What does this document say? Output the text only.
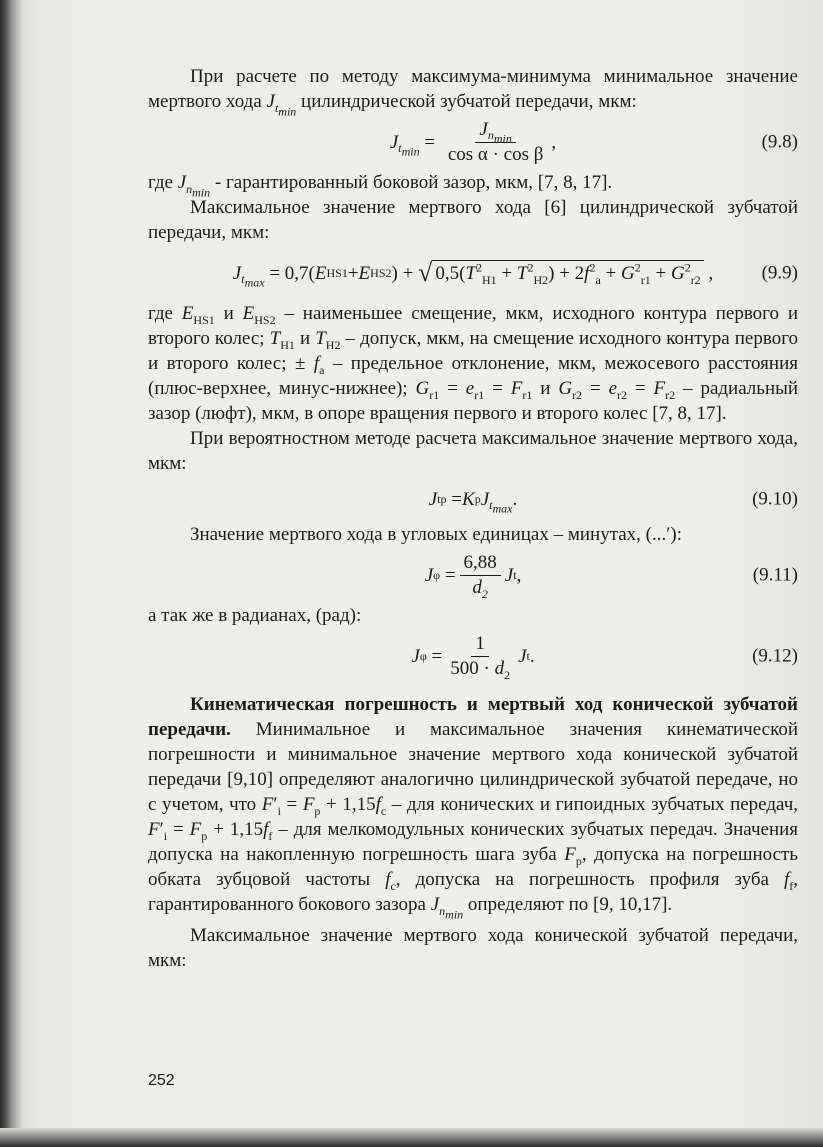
При расчете по методу максимума-минимума минимальное значение мертвого хода $J_{t_{min}}$ цилиндрической зубчатой передачи, мкм:

$J_{t_{min}} = \frac{J_{n_{min}}}{\text{cos α · cos β}}$ ,	(9.8)

где $J_{n_{min}}$ - гарантированный боковой зазор, мкм, [7, 8, 17].

Максимальное значение мертвого хода [6] цилиндрической зубчатой передачи, мкм:

$J_{t_{max}} = 0,7$( E HS1 + E HS2 ) + √ $0,5(T^2_{H1} + T^2_{H2}) + 2f^2_a + G^2_{r1} + G^2_{r2}$ ,	(9.9)

где $E_{HS1}$ и $E_{HS2}$ – наименьшее смещение, мкм, исходного контура первого и второго колес; $T_{H1}$ и $T_{H2}$ – допуск, мкм, на смещение исходного контура первого и второго колес; ± $f_a$ – предельное отклонение, мкм, межосевого расстояния (плюс-верхнее, минус-нижнее); $G_{r1} = e_{r1} = F_{r1}$ и $G_{r2} = e_{r2} = F_{r2}$ – радиальный зазор (люфт), мкм, в опоре вращения первого и второго колес [7, 8, 17].

При вероятностном методе расчета максимальное значение мертвого хода, мкм:

J tp = K p $J_{t_{max}}$ .	(9.10)

Значение мертвого хода в угловых единицах – минутах, (...′):

J $\varphi = \frac{6,88}{d_2}$ J t ,	(9.11)

а так же в радианах, (рад):

J $\varphi = \frac{1}{500 \cdot d_2}$ J t .	(9.12)

Кинематическая погрешность и мертвый ход конической зубчатой передачи. Минимальное и максимальное значения кинематической погрешности и минимальное значение мертвого хода конической зубчатой передачи [9,10] определяют аналогично цилиндрической зубчатой передаче, но с учетом, что $F'_i = F_p + 1,15f_c$ – для конических и гипоидных зубчатых передач, $F'_i = F_p + 1,15f_f$ – для мелкомодульных конических зубчатых передач. Значения допуска на накопленную погрешность шага зуба $F_p$, допуска на погрешность обката зубцовой частоты $f_c$, допуска на погрешность профиля зуба $f_f$, гарантированного бокового зазора $J_{n_{min}}$ определяют по [9, 10,17].

Максимальное значение мертвого хода конической зубчатой передачи, мкм:

252
